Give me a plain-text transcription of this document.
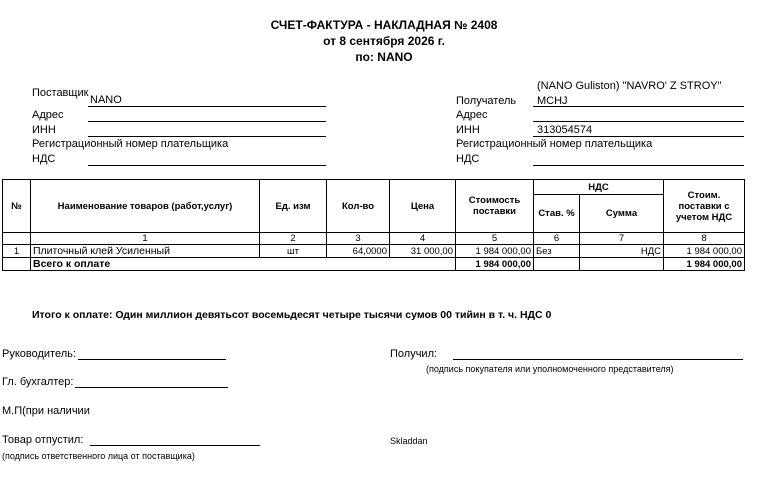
СЧЕТ-ФАКТУРА - НАКЛАДНАЯ № 2408
от 8 сентября 2026 г.
по: NANO
Поставщик
NANO
Адрес
ИНН
Регистрационный номер плательщика
НДС
(NANO Guliston) "NAVRO' Z STROY"
Получатель MCHJ
Адрес
ИНН	313054574
Регистрационный номер плательщика
НДС
№	Наименование товаров (работ,услуг)	Ед. изм	Кол-во	Цена	Стоимость поставки	НДС		Стоим. поставки с учетом НДС
						Став. %	Сумма	
	1	2	3	4	5	6	7	8
1	Плиточный клей Усиленный	шт	64,0000	31 000,00	1 984 000,00	Без	НДС	1 984 000,00
	Всего к оплате				1 984 000,00			1 984 000,00
Итого к оплате: Один миллион девятьсот восемьдесят четыре тысячи сумов 00 тийин в т. ч. НДС 0
Руководитель:
Гл. бухгалтер:
М.П(при наличии
Товар отпустил:
(подпись ответственного лица от поставщика)
Получил:
(подпись покупателя или уполномоченного представителя)
Skladdan
